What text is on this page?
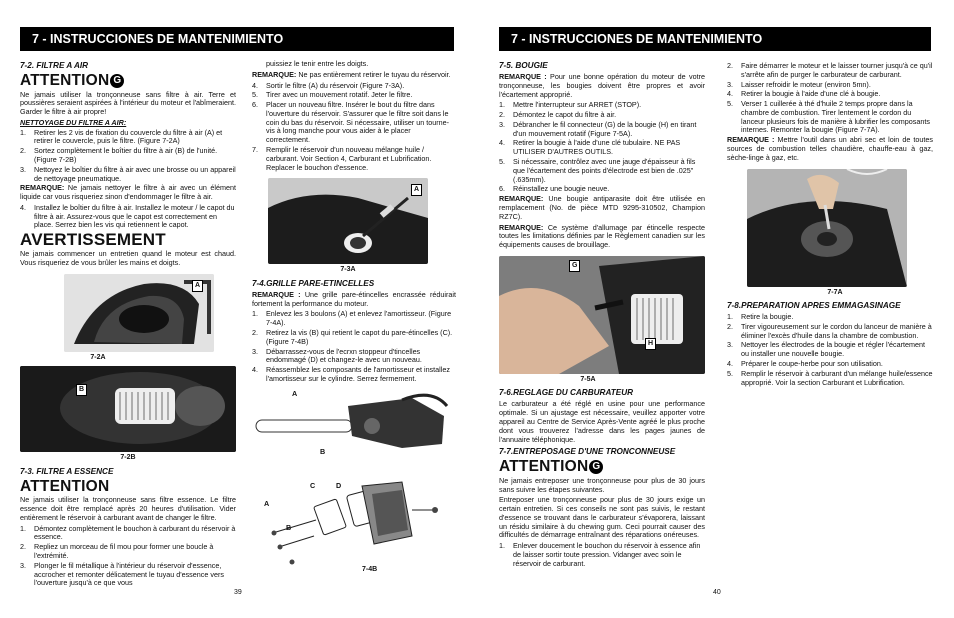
7 - INSTRUCCIONES DE MANTENIMIENTO
7-2. FILTRE A AIR
ATTENTION G

Ne jamais utiliser la tronçonneuse sans filtre à air. Terre et poussières seraient aspirées à l'intérieur du moteur et l'abîmeraient. Garder le filtre à air propre!

NETTOYAGE DU FILTRE A AIR:
1.	Retirer les 2 vis de fixation du couvercle du filtre à air (A) et retirer le couvercle, puis le filtre. (Figure 7-2A)
2.	Sortez complètement le boîtier du filtre à air (B) de l'unité. (Figure 7-2B)
3.	Nettoyez le boîtier du filtre à air avec une brosse ou un appareil de nettoyage pneumatique.

REMARQUE: Ne jamais nettoyer le filtre à air avec un élément liquide car vous risqueriez sinon d'endommager le filtre à air.

4.	Installez le boîtier du filtre à air. Installez le moteur / le capot du filtre à air. Assurez-vous que le capot est correctement en place. Serrez bien les vis qui retiennent le capot.
AVERTISSEMENT

Ne jamais commencer un entretien quand le moteur est chaud. Vous risqueriez de vous brûler les mains et doigts.

A
7-2A
B
7-2B
7-3. FILTRE A ESSENCE
ATTENTION

Ne jamais utiliser la tronçonneuse sans filtre essence. Le filtre essence doit être remplacé après 20 heures d'utilisation. Vider entièrement le réservoir à carburant avant de changer le filtre.

1.	Démontez complètement le bouchon à carburant du réservoir à essence.
2.	Repliez un morceau de fil mou pour former une boucle à l'extrémité.
3.	Plonger le fil métallique à l'intérieur du réservoir d'essence, accrocher et remonter délicatement le tuyau d'essence vers l'ouverture jusqu'à ce que vous

puissiez le tenir entre les doigts.

REMARQUE: Ne pas entièrement retirer le tuyau du réservoir.

4.	Sortir le filtre (A) du réservoir (Figure 7-3A).
5.	Tirer avec un mouvement rotatif. Jeter le filtre.
6.	Placer un nouveau filtre. Insérer le bout du filtre dans l'ouverture du réservoir. S'assurer que le filtre soit dans le coin du bas du réservoir. Si nécessaire, utiliser un tourne-vis à long manche pour vous aider à le placer correctement.
7.	Remplir le réservoir d'un nouveau mélange huile / carburant. Voir Section 4, Carburant et Lubrification. Replacer le bouchon d'essence.
A
7-3A
7-4.GRILLE PARE-ETINCELLES

REMARQUE : Une grille pare-étincelles encrassée réduirait fortement la performance du moteur.

1.	Enlevez les 3 boulons (A) et enlevez l'amortisseur. (Figure 7-4A).
2.	Retirez la vis (B) qui retient le capot du pare-étincelles (C). (Figure 7-4B)
3.	Débarrassez-vous de l'ecrxn stoppeur d'tincelles endommagé (D) et changez-le avec un nouveau.
4.	Réassemblez les composants de l'amortisseur et installez l'amortisseur sur le cylindre. Serrez fermement.
A
B
C	D
A
B
7-4B
39
7 - INSTRUCCIONES DE MANTENIMIENTO
7-5. BOUGIE

REMARQUE : Pour une bonne opération du moteur de votre tronçonneuse, les bougies doivent être propres et avoir l'écartement approprié.

1.	Mettre l'interrupteur sur ARRET (STOP).
2.	Démontez le capot du filtre à air.
3.	Débrancher le fil connecteur (G) de la bougie (H) en tirant d'un mouvement rotatif (Figure 7-5A).
4.	Retirer la bougie à l'aide d'une clé tubulaire. NE PAS UTILISER D'AUTRES OUTILS.
5.	Si nécessaire, contrôlez avec une jauge d'épaisseur à fils que l'écartement des points d'électrode est bien de .025" (.635mm).
6.	Réinstallez une bougie neuve.

REMARQUE: Une bougie antiparasite doit être utilisée en remplacement (No. de pièce MTD 9295-310502, Champion RZ7C).

REMARQUE: Ce système d'allumage par étincelle respecte toutes les limitations définies par le Règlement canadien sur les équipements causes de brouillage.

G
H
7-5A
7-6.REGLAGE DU CARBURATEUR

Le carburateur a été réglé en usine pour une performance optimale. Si un ajustage est nécessaire, veuillez apporter votre appareil au Centre de Service Après-Vente agréé le plus proche dont vous trouverez l'adresse dans les pages jaunes de l'annuaire téléphonique.

7-7.ENTREPOSAGE D'UNE TRONCONNEUSE
ATTENTION G

Ne jamais entreposer une tronçonneuse pour plus de 30 jours sans suivre les étapes suivantes.

Entreposer une tronçonneuse pour plus de 30 jours exige un certain entretien. Si ces conseils ne sont pas suivis, le restant d'essence se trouvant dans le carburateur s'évaporera, laissant un résidu similaire à du chewing gum. Ceci pourrait causer des difficultés de démarrage entraînant des réparations onéreuses.

1.	Enlever doucement le bouchon du réservoir à essence afin de laisser sortir toute pression. Vidanger avec soin le réservoir de carburant.
2.	Faire démarrer le moteur et le laisser tourner jusqu'à ce qu'il s'arrête afin de purger le carburateur de carburant.
3.	Laisser refroidir le moteur (environ 5mn).
4.	Retirer la bougie à l'aide d'une clé à bougie.
5.	Verser 1 cuillerée à thé d'huile 2 temps propre dans la chambre de combustion. Tirer lentement le cordon du lanceur plusieurs fois de manière à lubrifier les composants internes. Remonter la bougie (Figure 7-7A).

REMARQUE : Mettre l'outil dans un abri sec et loin de toutes sources de combustion telles chaudière, chauffe-eau à gaz, sèche-linge à gaz, etc.

7-7A
7-8.PREPARATION APRES EMMAGASINAGE
1.	Retire la bougie.
2.	Tirer vigoureusement sur le cordon du lanceur de manière à éliminer l'excès d'huile dans la chambre de combustion.
3.	Nettoyer les électrodes de la bougie et régler l'écartement ou installer une nouvelle bougie.
4.	Préparer le coupe-herbe pour son utilisation.
5.	Remplir le réservoir à carburant d'un mélange huile/essence approprié. Voir la section Carburant et Lubrification.
40
